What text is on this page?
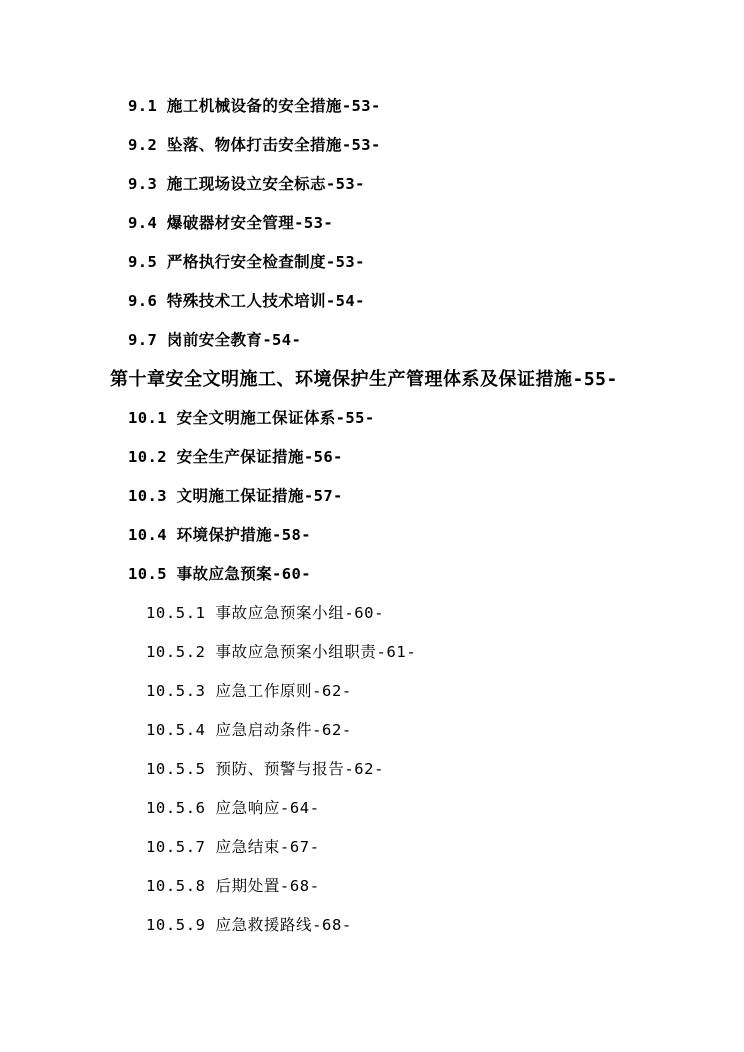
9.1 施工机械设备的安全措施-53-
9.2 坠落、物体打击安全措施-53-
9.3 施工现场设立安全标志-53-
9.4 爆破器材安全管理-53-
9.5 严格执行安全检查制度-53-
9.6 特殊技术工人技术培训-54-
9.7 岗前安全教育-54-
第十章安全文明施工、环境保护生产管理体系及保证措施-55-
10.1 安全文明施工保证体系-55-
10.2 安全生产保证措施-56-
10.3 文明施工保证措施-57-
10.4 环境保护措施-58-
10.5 事故应急预案-60-
10.5.1 事故应急预案小组-60-
10.5.2 事故应急预案小组职责-61-
10.5.3 应急工作原则-62-
10.5.4 应急启动条件-62-
10.5.5 预防、预警与报告-62-
10.5.6 应急响应-64-
10.5.7 应急结束-67-
10.5.8 后期处置-68-
10.5.9 应急救援路线-68-
